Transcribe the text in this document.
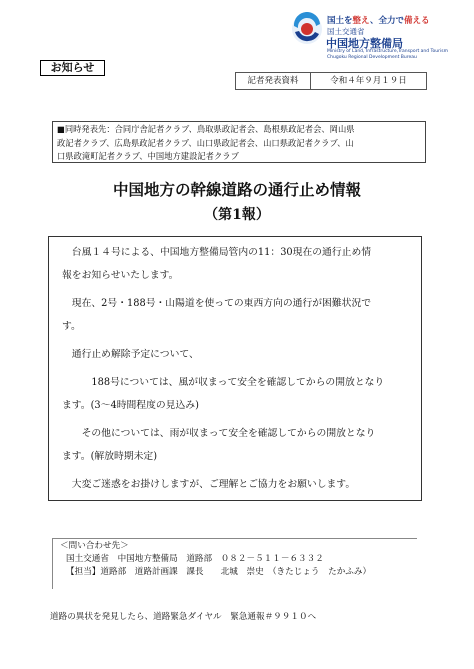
国土を整え、全力で備える
国土交通省
中国地方整備局
Ministry of Land, Infrastructure,Transport and Tourism Chugoku Regional Development Bureau
お知らせ
記者発表資料	令和４年９月１９日
■同時発表先：合同庁舎記者クラブ、鳥取県政記者会、島根県政記者会、岡山県
政記者クラブ、広島県政記者クラブ、山口県政記者会、山口県政記者クラブ、山
口県政滝町記者クラブ、中国地方建設記者クラブ
中国地方の幹線道路の通行止め情報
（第1報）

台風１４号による、中国地方整備局管内の11：30現在の通行止め情

報をお知らせいたします。

現在、2号・188号・山陽道を使っての東西方向の通行が困難状況で

す。

通行止め解除予定について、

188号については、風が収まって安全を確認してからの開放となり

ます。(3～4時間程度の見込み)

その他については、雨が収まって安全を確認してからの開放となり

ます。(解放時期未定)

大変ご迷惑をお掛けしますが、ご理解とご協力をお願いします。

＜問い合わせ先＞
国土交通省　中国地方整備局　道路部　０８２－５１１－６３３２
【担当】道路部　道路計画課　課長　　北城　崇史　（きたじょう　たかふみ）
道路の異状を発見したら、道路緊急ダイヤル　緊急通報＃９９１０へ
